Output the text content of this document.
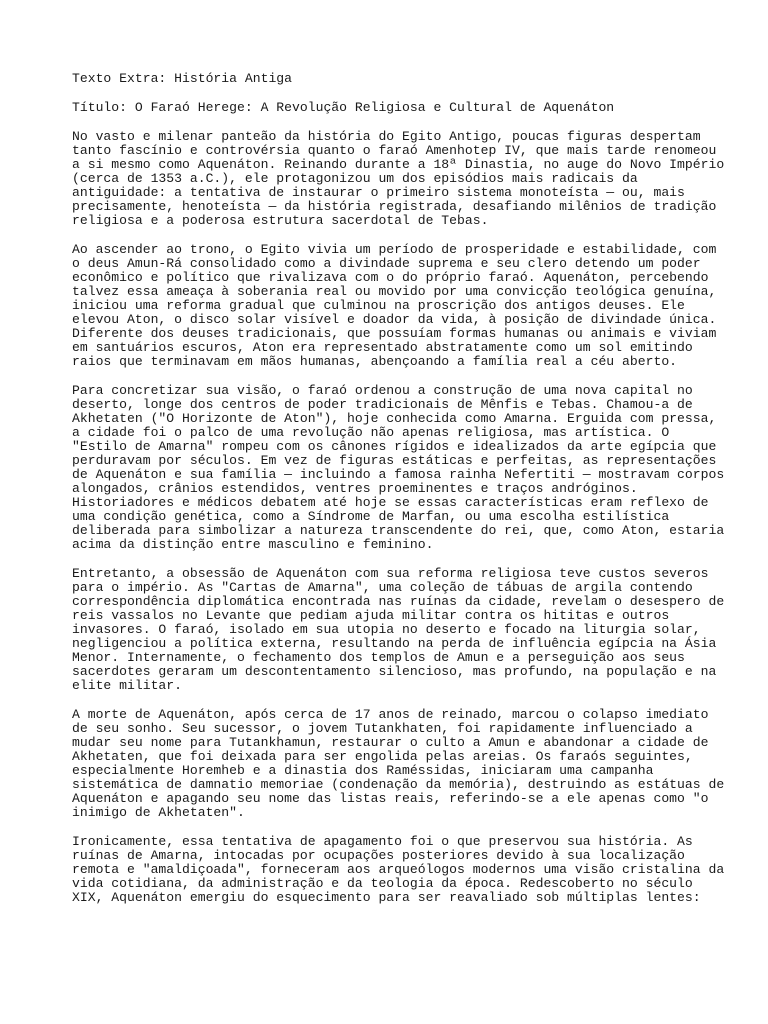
Texto Extra: História Antiga
Título: O Faraó Herege: A Revolução Religiosa e Cultural de Aquenáton
No vasto e milenar panteão da história do Egito Antigo, poucas figuras despertam
tanto fascínio e controvérsia quanto o faraó Amenhotep IV, que mais tarde renomeou
a si mesmo como Aquenáton. Reinando durante a 18ª Dinastia, no auge do Novo Império
(cerca de 1353 a.C.), ele protagonizou um dos episódios mais radicais da
antiguidade: a tentativa de instaurar o primeiro sistema monoteísta — ou, mais
precisamente, henoteísta — da história registrada, desafiando milênios de tradição
religiosa e a poderosa estrutura sacerdotal de Tebas.
Ao ascender ao trono, o Egito vivia um período de prosperidade e estabilidade, com
o deus Amun-Rá consolidado como a divindade suprema e seu clero detendo um poder
econômico e político que rivalizava com o do próprio faraó. Aquenáton, percebendo
talvez essa ameaça à soberania real ou movido por uma convicção teológica genuína,
iniciou uma reforma gradual que culminou na proscrição dos antigos deuses. Ele
elevou Aton, o disco solar visível e doador da vida, à posição de divindade única.
Diferente dos deuses tradicionais, que possuíam formas humanas ou animais e viviam
em santuários escuros, Aton era representado abstratamente como um sol emitindo
raios que terminavam em mãos humanas, abençoando a família real a céu aberto.
Para concretizar sua visão, o faraó ordenou a construção de uma nova capital no
deserto, longe dos centros de poder tradicionais de Mênfis e Tebas. Chamou-a de
Akhetaten ("O Horizonte de Aton"), hoje conhecida como Amarna. Erguida com pressa,
a cidade foi o palco de uma revolução não apenas religiosa, mas artística. O
"Estilo de Amarna" rompeu com os cânones rígidos e idealizados da arte egípcia que
perduravam por séculos. Em vez de figuras estáticas e perfeitas, as representações
de Aquenáton e sua família — incluindo a famosa rainha Nefertiti — mostravam corpos
alongados, crânios estendidos, ventres proeminentes e traços andróginos.
Historiadores e médicos debatem até hoje se essas características eram reflexo de
uma condição genética, como a Síndrome de Marfan, ou uma escolha estilística
deliberada para simbolizar a natureza transcendente do rei, que, como Aton, estaria
acima da distinção entre masculino e feminino.
Entretanto, a obsessão de Aquenáton com sua reforma religiosa teve custos severos
para o império. As "Cartas de Amarna", uma coleção de tábuas de argila contendo
correspondência diplomática encontrada nas ruínas da cidade, revelam o desespero de
reis vassalos no Levante que pediam ajuda militar contra os hititas e outros
invasores. O faraó, isolado em sua utopia no deserto e focado na liturgia solar,
negligenciou a política externa, resultando na perda de influência egípcia na Ásia
Menor. Internamente, o fechamento dos templos de Amun e a perseguição aos seus
sacerdotes geraram um descontentamento silencioso, mas profundo, na população e na
elite militar.
A morte de Aquenáton, após cerca de 17 anos de reinado, marcou o colapso imediato
de seu sonho. Seu sucessor, o jovem Tutankhaten, foi rapidamente influenciado a
mudar seu nome para Tutankhamun, restaurar o culto a Amun e abandonar a cidade de
Akhetaten, que foi deixada para ser engolida pelas areias. Os faraós seguintes,
especialmente Horemheb e a dinastia dos Raméssidas, iniciaram uma campanha
sistemática de damnatio memoriae (condenação da memória), destruindo as estátuas de
Aquenáton e apagando seu nome das listas reais, referindo-se a ele apenas como "o
inimigo de Akhetaten".
Ironicamente, essa tentativa de apagamento foi o que preservou sua história. As
ruínas de Amarna, intocadas por ocupações posteriores devido à sua localização
remota e "amaldiçoada", forneceram aos arqueólogos modernos uma visão cristalina da
vida cotidiana, da administração e da teologia da época. Redescoberto no século
XIX, Aquenáton emergiu do esquecimento para ser reavaliado sob múltiplas lentes:
